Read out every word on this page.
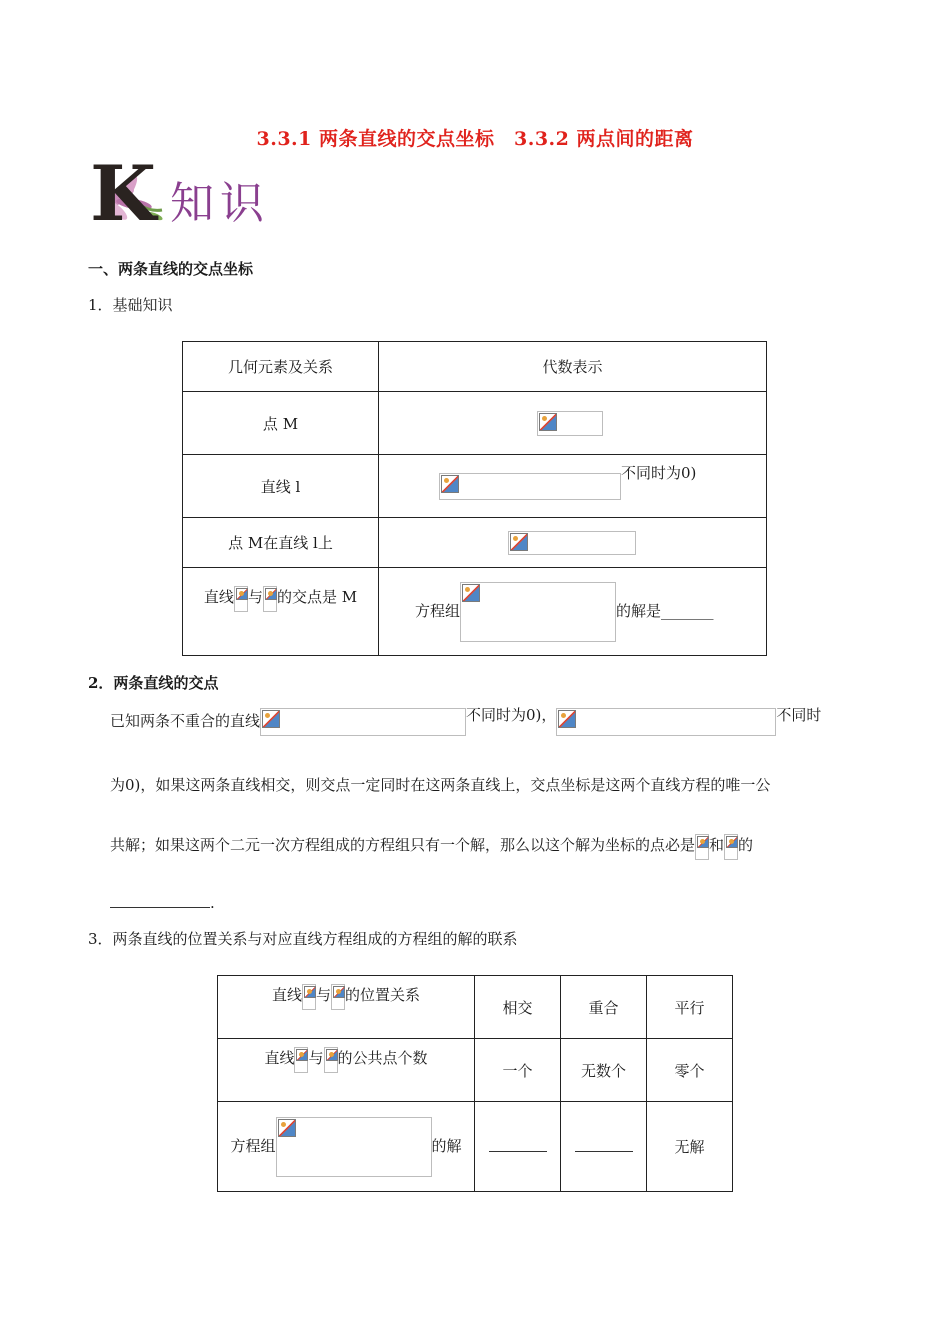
3.3.1 两条直线的交点坐标　3.3.2 两点间的距离
K 知识
一、两条直线的交点坐标
1．基础知识
几何元素及关系	代数表示
点 M	

直线 l	不同时为0)
点 M在直线 l上	

直线 与 的交点是 M	方程组 的解是_______
2．两条直线的交点
已知两条不重合的直线	不同时为0)，	不同时
为0)，如果这两条直线相交，则交点一定同时在这两条直线上，交点坐标是这两个直线方程的唯一公
共解；如果这两个二元一次方程组成的方程组只有一个解，那么以这个解为坐标的点必是 和 的
.
3．两条直线的位置关系与对应直线方程组成的方程组的解的联系
直线 与 的位置关系	相交	重合	平行
直线 与 的公共点个数	一个	无数个	零个
方程组 的解			无解
